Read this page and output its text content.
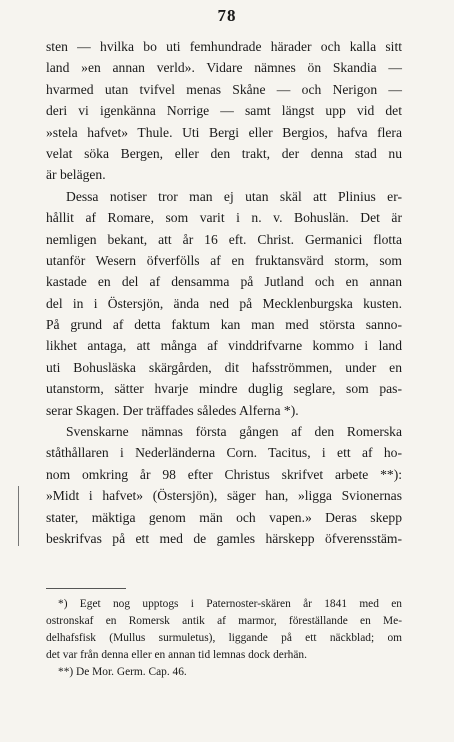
78
sten — hvilka bo uti femhundrade härader och kalla sitt
land »en annan verld». Vidare nämnes ön Skandia —
hvarmed utan tvifvel menas Skåne — och Nerigon —
deri vi igenkänna Norrige — samt längst upp vid det
»stela hafvet» Thule. Uti Bergi eller Bergios, hafva flera
velat söka Bergen, eller den trakt, der denna stad nu
är belägen.
Dessa notiser tror man ej utan skäl att Plinius er-
hållit af Romare, som varit i n. v. Bohuslän. Det är
nemligen bekant, att år 16 eft. Christ. Germanici flotta
utanför Wesern öfverfölls af en fruktansvärd storm, som
kastade en del af densamma på Jutland och en annan
del in i Östersjön, ända ned på Mecklenburgska kusten.
På grund af detta faktum kan man med största sanno-
likhet antaga, att många af vinddrifvarne kommo i land
uti Bohusläska skärgården, dit hafsströmmen, under en
utanstorm, sätter hvarje mindre duglig seglare, som pas-
serar Skagen. Der träffades således Alferna *).
Svenskarne nämnas första gången af den Romerska
ståthållaren i Nederländerna Corn. Tacitus, i ett af ho-
nom omkring år 98 efter Christus skrifvet arbete **):
»Midt i hafvet» (Östersjön), säger han, »ligga Svionernas
stater, mäktiga genom män och vapen.» Deras skepp
beskrifvas på ett med de gamles härskepp öfverensstäm-
*) Eget nog upptogs i Paternoster-skären år 1841 med en
ostronskaf en Romersk antik af marmor, föreställande en Me-
delhafsfisk (Mullus surmuletus), liggande på ett näckblad; om
det var från denna eller en annan tid lemnas dock derhän.
**) De Mor. Germ. Cap. 46.
